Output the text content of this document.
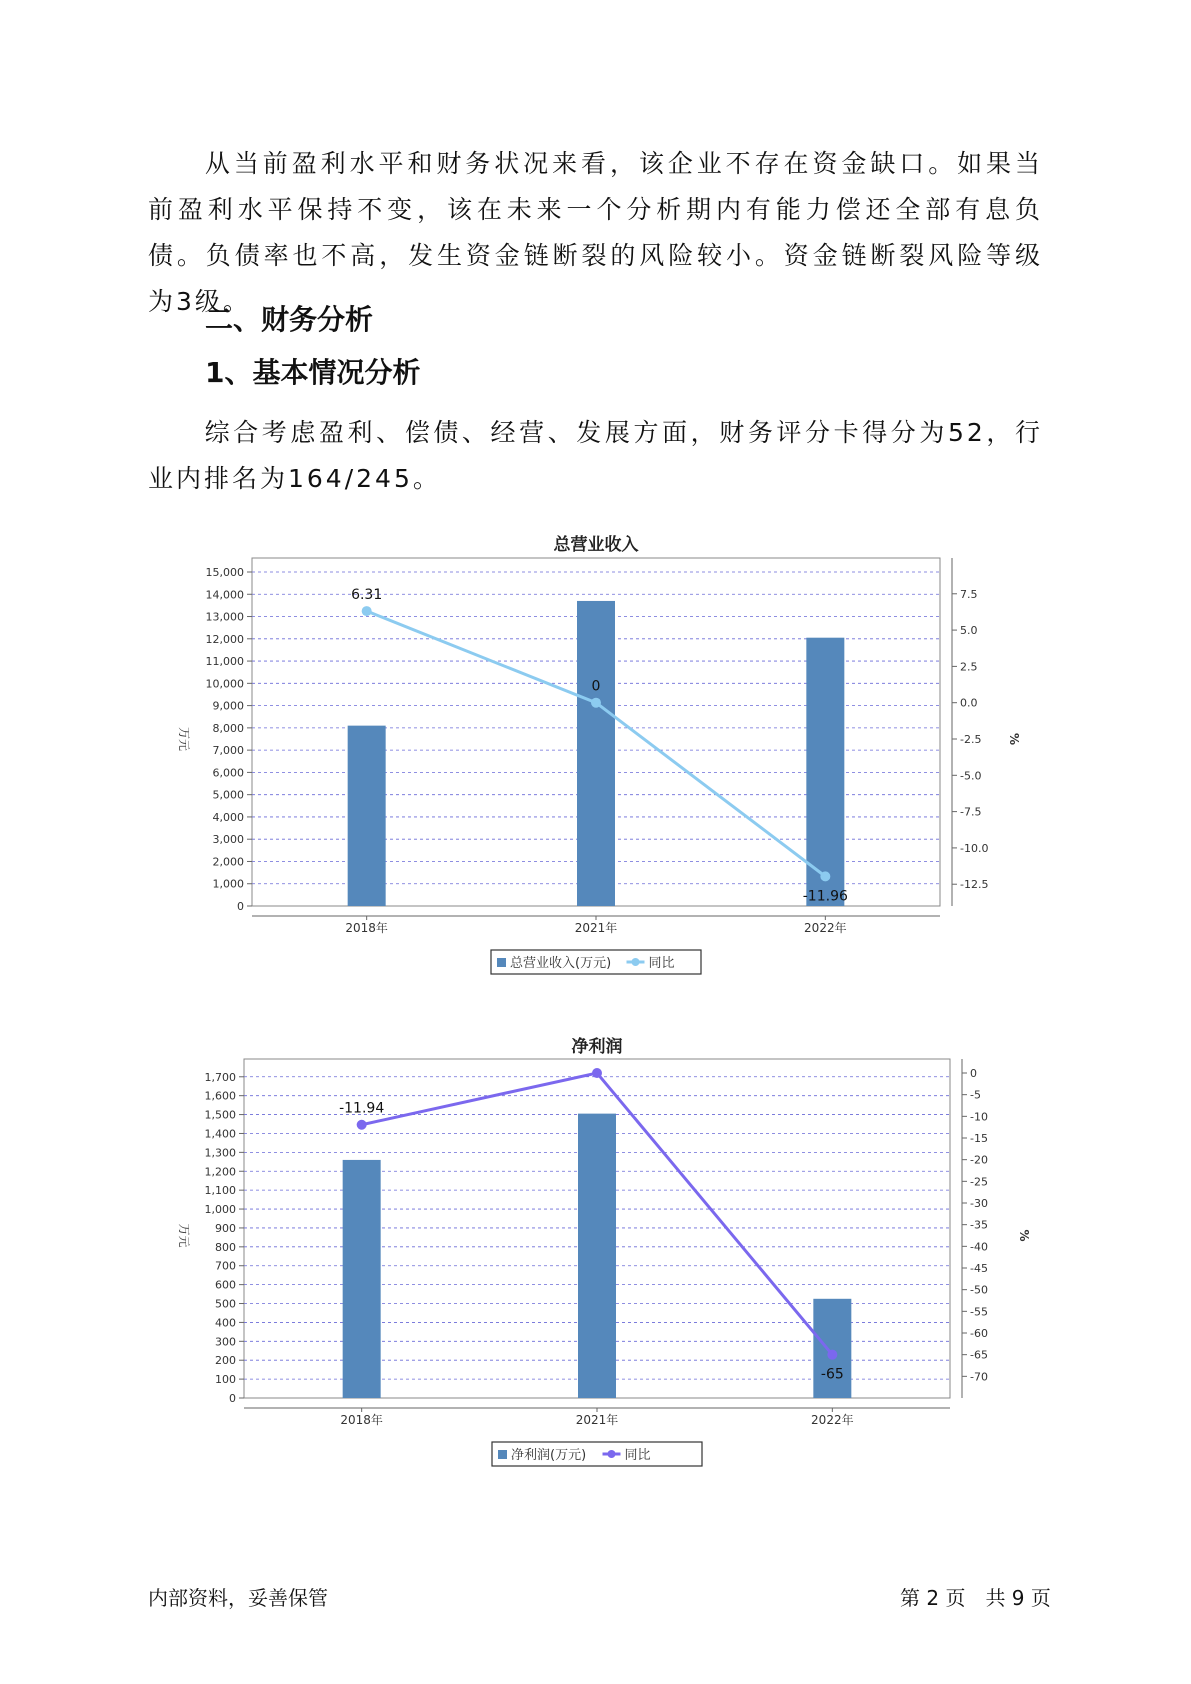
从当前盈利水平和财务状况来看，该企业不存在资金缺口。如果当前盈利水平保持不变，该在未来一个分析期内有能力偿还全部有息负债。负债率也不高，发生资金链断裂的风险较小。资金链断裂风险等级为3级。
二、财务分析
1、基本情况分析
综合考虑盈利、偿债、经营、发展方面，财务评分卡得分为52，行业内排名为164/245。
总营业收入
0
1,000
2,000
3,000
4,000
5,000
6,000
7,000
8,000
9,000
10,000
11,000
12,000
13,000
14,000
15,000
7.5
5.0
2.5
0.0
-2.5
-5.0
-7.5
-10.0
-12.5
万元	%
2018年	2021年	2022年
6.31
0
-11.96
总营业收入(万元)	同比
净利润
0
100
200
300
400
500
600
700
800
900
1,000
1,100
1,200
1,300
1,400
1,500
1,600
1,700	0
-5
-10
-15
-20
-25
-30
-35
-40
-45
-50
-55
-60
-65
-70
万元	%
2018年	2021年	2022年
-11.94
-65
净利润(万元)	同比
内部资料，妥善保管	第 2 页　共 9 页
